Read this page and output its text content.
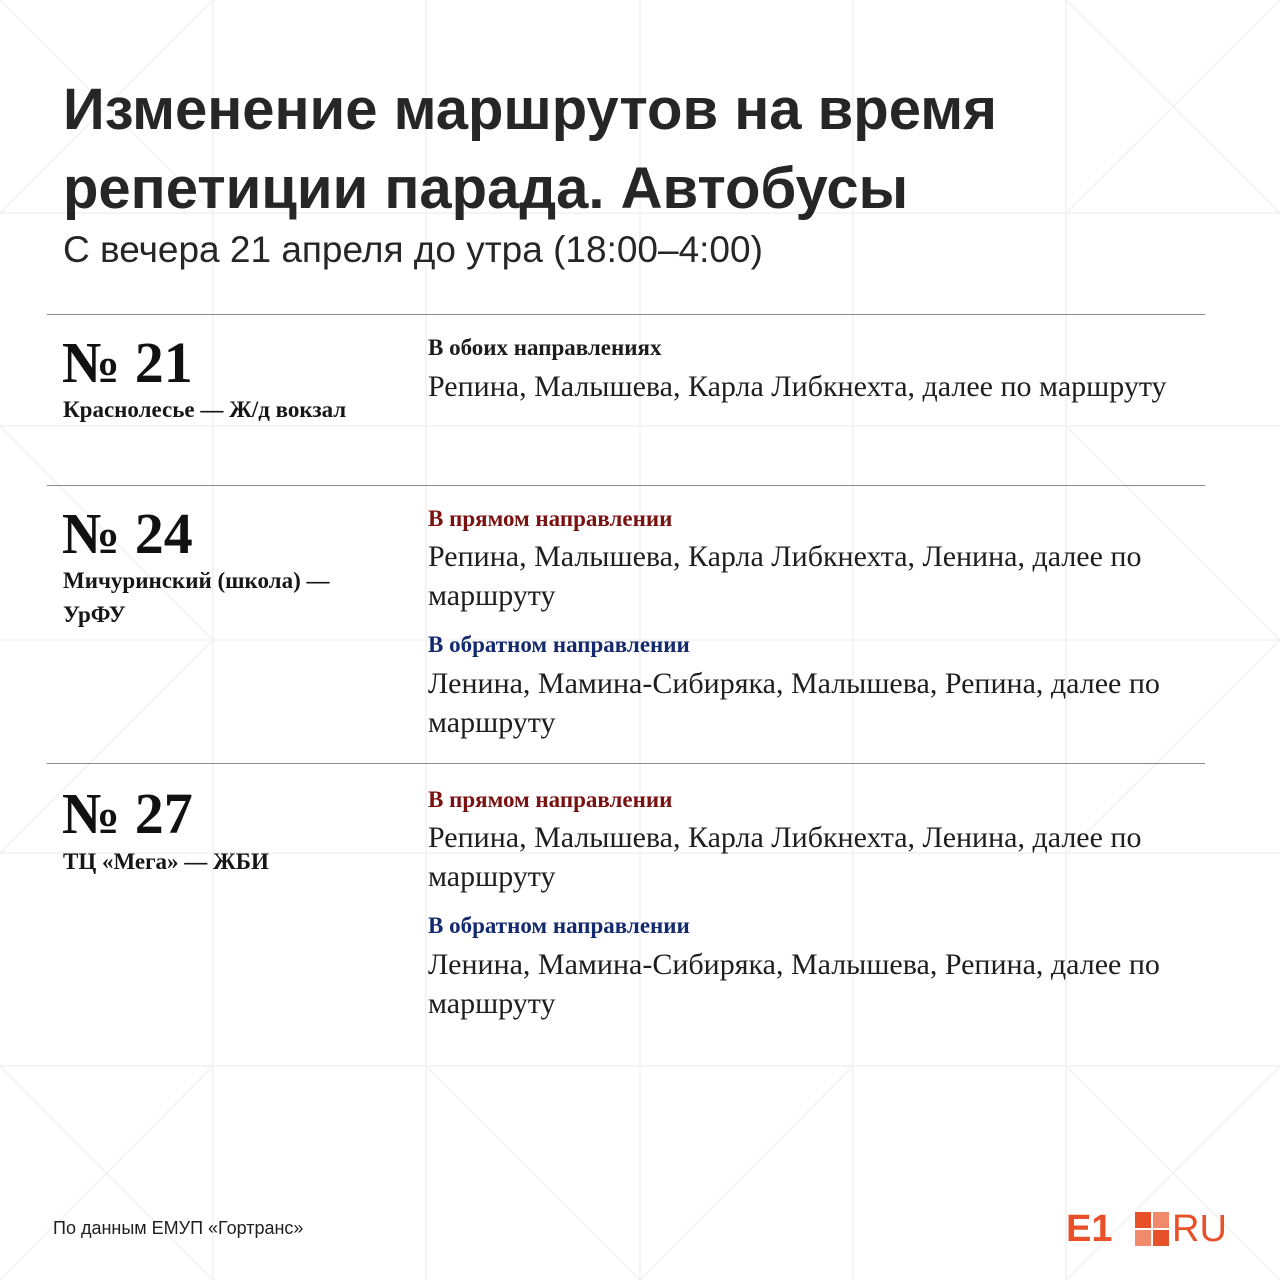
Изменение маршрутов на время репетиции парада. Автобусы
С вечера 21 апреля до утра (18:00–4:00)
№ 21
Краснолесье — Ж/д вокзал
В обоих направлениях
Репина, Малышева, Карла Либкнехта, далее по маршруту
№ 24
Мичуринский (школа) — УрФУ
В прямом направлении
Репина, Малышева, Карла Либкнехта, Ленина, далее по маршруту
В обратном направлении
Ленина, Мамина-Сибиряка, Малышева, Репина, далее по маршруту
№ 27
ТЦ «Мега» — ЖБИ
В прямом направлении
Репина, Малышева, Карла Либкнехта, Ленина, далее по маршруту
В обратном направлении
Ленина, Мамина-Сибиряка, Малышева, Репина, далее по маршруту
По данным ЕМУП «Гортранс»	E1 RU
